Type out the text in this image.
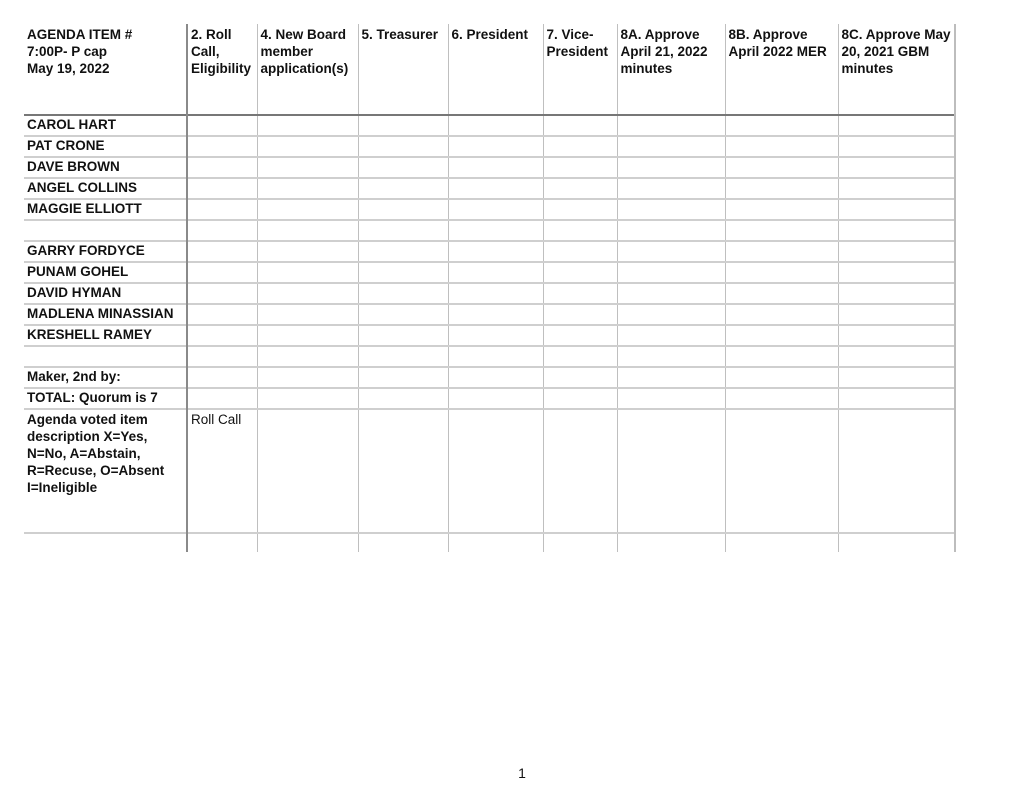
AGENDA ITEM #
7:00P- P cap
May 19, 2022	2. Roll Call, Eligibility	4. New Board member application(s)	5. Treasurer	6. President	7. Vice-President	8A. Approve April 21, 2022 minutes	8B. Approve April 2022 MER	8C. Approve May 20, 2021 GBM minutes
CAROL HART								
PAT CRONE								
DAVE BROWN								
ANGEL COLLINS								
MAGGIE ELLIOTT								

GARRY FORDYCE								
PUNAM GOHEL								
DAVID HYMAN								
MADLENA MINASSIAN								
KRESHELL RAMEY								

Maker, 2nd by:								
TOTAL: Quorum is 7								
Agenda voted item description X=Yes, N=No, A=Abstain, R=Recuse, O=Absent I=Ineligible	Roll Call							

1
